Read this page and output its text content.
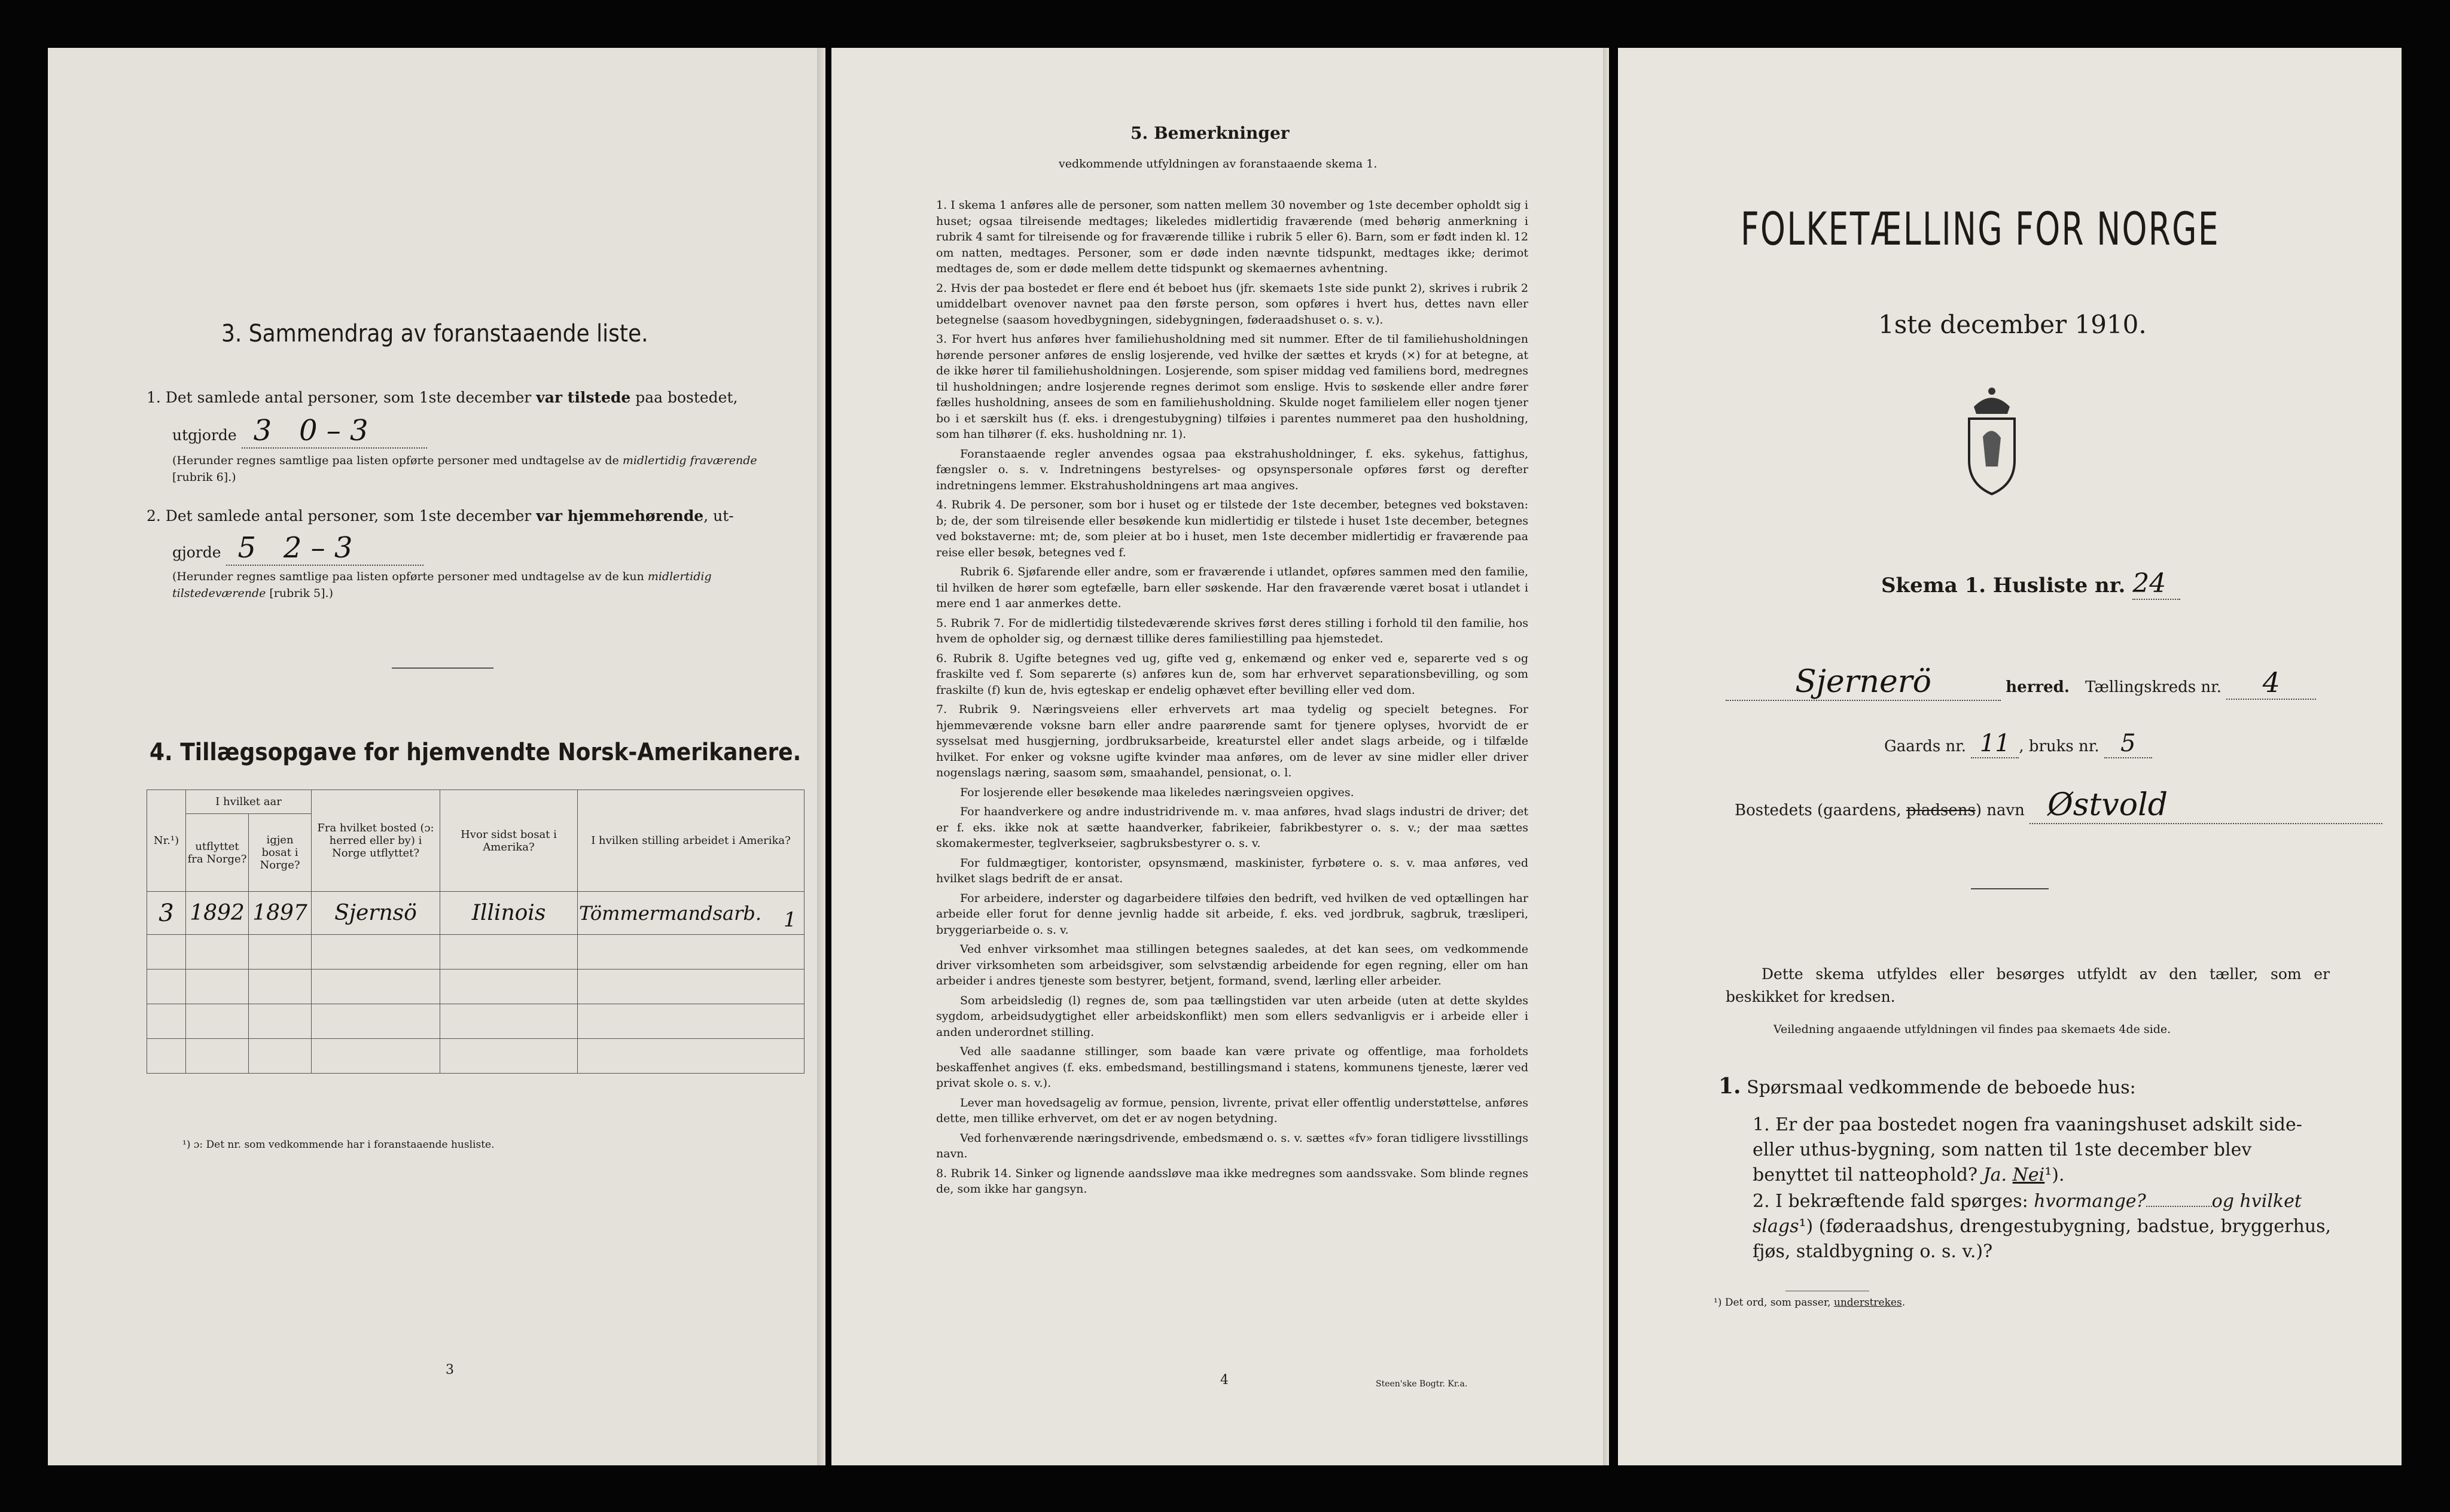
3. Sammendrag av foranstaaende liste.
1. Det samlede antal personer, som 1ste december var tilstede paa bostedet,
utgjorde 3   0 – 3
(Herunder regnes samtlige paa listen opførte personer med undtagelse av de midlertidig fraværende [rubrik 6].)
2. Det samlede antal personer, som 1ste december var hjemmehørende, ut-
gjorde 5   2 – 3
(Herunder regnes samtlige paa listen opførte personer med undtagelse av de kun midlertidig tilstedeværende [rubrik 5].)
4. Tillægsopgave for hjemvendte Norsk-Amerikanere.
Nr.¹)	I hvilket aar		Fra hvilket bosted (ɔ: herred eller by) i Norge utflyttet?	Hvor sidst bosat i Amerika?	I hvilken stilling arbeidet i Amerika?
	utflyttet fra Norge?	igjen bosat i Norge?			
3	1892	1897	Sjernsö	Illinois	Tömmermandsarb.

					1
¹) ɔ: Det nr. som vedkommende har i foranstaaende husliste.
3
5. Bemerkninger
vedkommende utfyldningen av foranstaaende skema 1.

1. I skema 1 anføres alle de personer, som natten mellem 30 november og 1ste december opholdt sig i huset; ogsaa tilreisende medtages; likeledes midlertidig fraværende (med behørig anmerkning i rubrik 4 samt for tilreisende og for fraværende tillike i rubrik 5 eller 6). Barn, som er født inden kl. 12 om natten, medtages. Personer, som er døde inden nævnte tidspunkt, medtages ikke; derimot medtages de, som er døde mellem dette tidspunkt og skemaernes avhentning.

2. Hvis der paa bostedet er flere end ét beboet hus (jfr. skemaets 1ste side punkt 2), skrives i rubrik 2 umiddelbart ovenover navnet paa den første person, som opføres i hvert hus, dettes navn eller betegnelse (saasom hovedbygningen, sidebygningen, føderaadshuset o. s. v.).

3. For hvert hus anføres hver familiehusholdning med sit nummer. Efter de til familiehusholdningen hørende personer anføres de enslig losjerende, ved hvilke der sættes et kryds (×) for at betegne, at de ikke hører til familiehusholdningen. Losjerende, som spiser middag ved familiens bord, medregnes til husholdningen; andre losjerende regnes derimot som enslige. Hvis to søskende eller andre fører fælles husholdning, ansees de som en familiehusholdning. Skulde noget familielem eller nogen tjener bo i et særskilt hus (f. eks. i drengestubygning) tilføies i parentes nummeret paa den husholdning, som han tilhører (f. eks. husholdning nr. 1).

Foranstaaende regler anvendes ogsaa paa ekstrahusholdninger, f. eks. sykehus, fattighus, fængsler o. s. v. Indretningens bestyrelses- og opsynspersonale opføres først og derefter indretningens lemmer. Ekstrahusholdningens art maa angives.

4. Rubrik 4. De personer, som bor i huset og er tilstede der 1ste december, betegnes ved bokstaven: b; de, der som tilreisende eller besøkende kun midlertidig er tilstede i huset 1ste december, betegnes ved bokstaverne: mt; de, som pleier at bo i huset, men 1ste december midlertidig er fraværende paa reise eller besøk, betegnes ved f.

Rubrik 6. Sjøfarende eller andre, som er fraværende i utlandet, opføres sammen med den familie, til hvilken de hører som egtefælle, barn eller søskende. Har den fraværende været bosat i utlandet i mere end 1 aar anmerkes dette.

5. Rubrik 7. For de midlertidig tilstedeværende skrives først deres stilling i forhold til den familie, hos hvem de opholder sig, og dernæst tillike deres familiestilling paa hjemstedet.

6. Rubrik 8. Ugifte betegnes ved ug, gifte ved g, enkemænd og enker ved e, separerte ved s og fraskilte ved f. Som separerte (s) anføres kun de, som har erhvervet separationsbevilling, og som fraskilte (f) kun de, hvis egteskap er endelig ophævet efter bevilling eller ved dom.

7. Rubrik 9. Næringsveiens eller erhvervets art maa tydelig og specielt betegnes. For hjemmeværende voksne barn eller andre paarørende samt for tjenere oplyses, hvorvidt de er sysselsat med husgjerning, jordbruksarbeide, kreaturstel eller andet slags arbeide, og i tilfælde hvilket. For enker og voksne ugifte kvinder maa anføres, om de lever av sine midler eller driver nogenslags næring, saasom søm, smaahandel, pensionat, o. l.

For losjerende eller besøkende maa likeledes næringsveien opgives.

For haandverkere og andre industridrivende m. v. maa anføres, hvad slags industri de driver; det er f. eks. ikke nok at sætte haandverker, fabrikeier, fabrikbestyrer o. s. v.; der maa sættes skomakermester, teglverkseier, sagbruksbestyrer o. s. v.

For fuldmægtiger, kontorister, opsynsmænd, maskinister, fyrbøtere o. s. v. maa anføres, ved hvilket slags bedrift de er ansat.

For arbeidere, inderster og dagarbeidere tilføies den bedrift, ved hvilken de ved optællingen har arbeide eller forut for denne jevnlig hadde sit arbeide, f. eks. ved jordbruk, sagbruk, træsliperi, bryggeriarbeide o. s. v.

Ved enhver virksomhet maa stillingen betegnes saaledes, at det kan sees, om vedkommende driver virksomheten som arbeidsgiver, som selvstændig arbeidende for egen regning, eller om han arbeider i andres tjeneste som bestyrer, betjent, formand, svend, lærling eller arbeider.

Som arbeidsledig (l) regnes de, som paa tællingstiden var uten arbeide (uten at dette skyldes sygdom, arbeidsudygtighet eller arbeidskonflikt) men som ellers sedvanligvis er i arbeide eller i anden underordnet stilling.

Ved alle saadanne stillinger, som baade kan være private og offentlige, maa forholdets beskaffenhet angives (f. eks. embedsmand, bestillingsmand i statens, kommunens tjeneste, lærer ved privat skole o. s. v.).

Lever man hovedsagelig av formue, pension, livrente, privat eller offentlig understøttelse, anføres dette, men tillike erhvervet, om det er av nogen betydning.

Ved forhenværende næringsdrivende, embedsmænd o. s. v. sættes «fv» foran tidligere livsstillings navn.

8. Rubrik 14. Sinker og lignende aandssløve maa ikke medregnes som aandssvake. Som blinde regnes de, som ikke har gangsyn.

4	Steen'ske Bogtr. Kr.a.
FOLKETÆLLING FOR NORGE
1ste december 1910.
Skema 1. Husliste nr. 24
Sjernerö	herred. Tællingskreds nr. 4
Gaards nr. 11 , bruks nr. 5
Bostedets (gaardens, pladsens) navn Østvold
Dette skema utfyldes eller besørges utfyldt av den tæller, som er beskikket for kredsen.
Veiledning angaaende utfyldningen vil findes paa skemaets 4de side.
1. Spørsmaal vedkommende de beboede hus:
1. Er der paa bostedet nogen fra vaaningshuset adskilt side- eller uthus-bygning, som natten til 1ste december blev benyttet til natteophold? Ja. Nei¹).
2. I bekræftende fald spørges: hvormange?	og hvilket slags¹) (føderaadshus, drengestubygning, badstue, bryggerhus, fjøs, staldbygning o. s. v.)?
¹) Det ord, som passer, understrekes.
